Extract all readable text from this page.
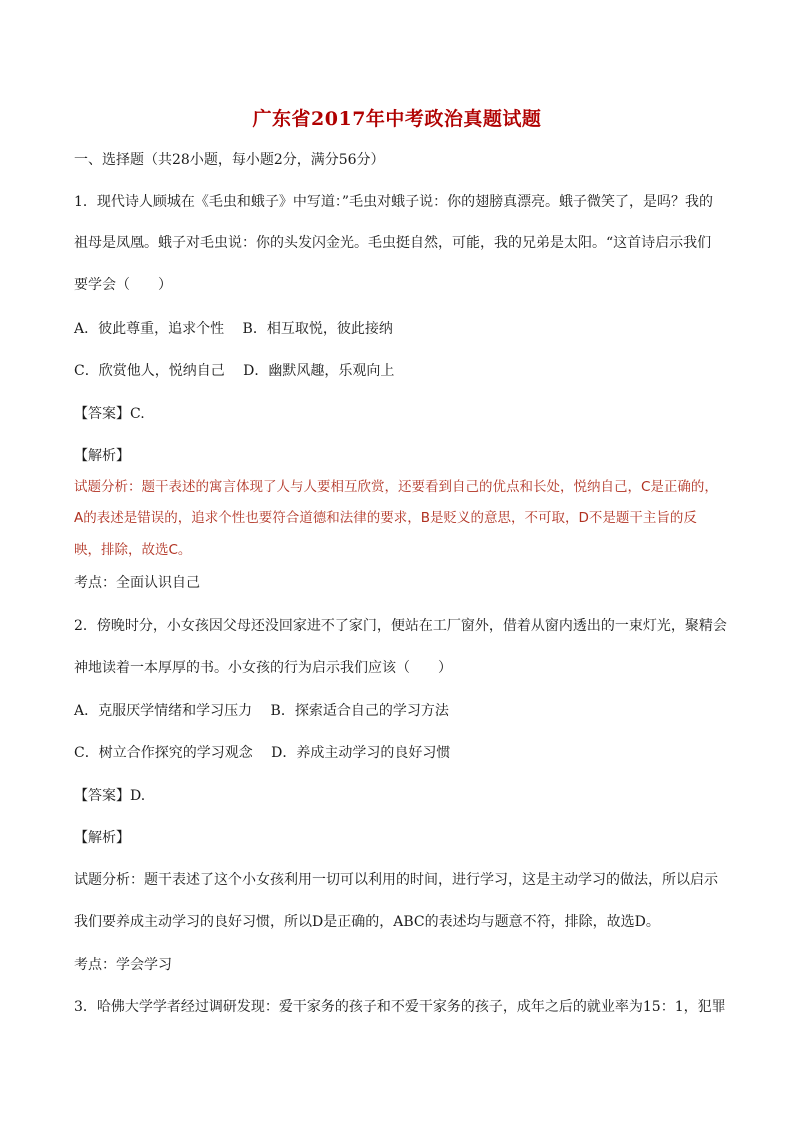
广东省2017年中考政治真题试题
一、选择题（共28小题，每小题2分，满分56分）
1．现代诗人顾城在《毛虫和蛾子》中写道：”毛虫对蛾子说：你的翅膀真漂亮。蛾子微笑了，是吗？我的
祖母是凤凰。蛾子对毛虫说：你的头发闪金光。毛虫挺自然，可能，我的兄弟是太阳。“这首诗启示我们
要学会（　　）
A．彼此尊重，追求个性　 B．相互取悦，彼此接纳
C．欣赏他人，悦纳自己　 D．幽默风趣，乐观向上
【答案】C.
【解析】
试题分析：题干表述的寓言体现了人与人要相互欣赏，还要看到自己的优点和长处，悦纳自己，C是正确的，
A的表述是错误的，追求个性也要符合道德和法律的要求，B是贬义的意思，不可取，D不是题干主旨的反
映，排除，故选C。
考点：全面认识自己
2．傍晚时分，小女孩因父母还没回家进不了家门，便站在工厂窗外，借着从窗内透出的一束灯光，聚精会
神地读着一本厚厚的书。小女孩的行为启示我们应该（　　）
A．克服厌学情绪和学习压力　 B．探索适合自己的学习方法
C．树立合作探究的学习观念　 D．养成主动学习的良好习惯
【答案】D.
【解析】
试题分析：题干表述了这个小女孩利用一切可以利用的时间，进行学习，这是主动学习的做法，所以启示
我们要养成主动学习的良好习惯，所以D是正确的，ABC的表述均与题意不符，排除，故选D。
考点：学会学习
3．哈佛大学学者经过调研发现：爱干家务的孩子和不爱干家务的孩子，成年之后的就业率为15：1，犯罪
